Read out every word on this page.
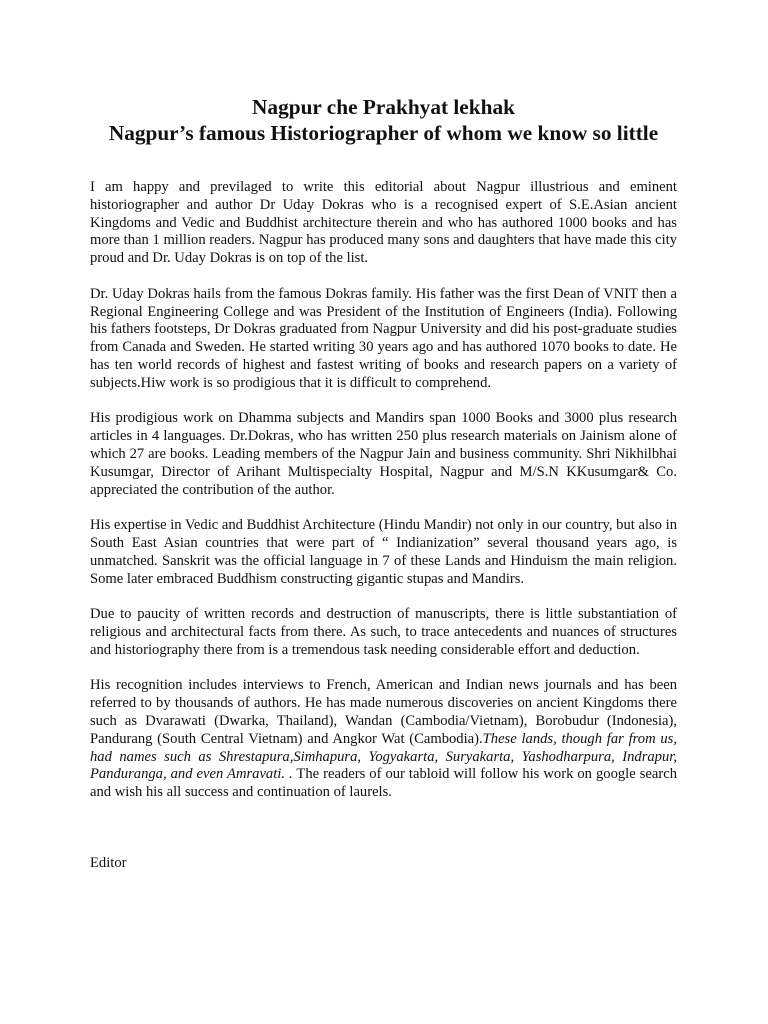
Nagpur che Prakhyat lekhak
Nagpur’s famous Historiographer of whom we know so little

I am happy and previlaged to write this editorial about Nagpur illustrious and eminent historiographer and author Dr Uday Dokras who is a recognised expert of S.E.Asian ancient Kingdoms and Vedic and Buddhist architecture therein and who has authored 1000 books and has more than 1 million readers. Nagpur has produced many sons and daughters that have made this city proud and Dr. Uday Dokras is on top of the list.

Dr. Uday Dokras hails from the famous Dokras family. His father was the first Dean of VNIT then a Regional Engineering College and was President of the Institution of Engineers (India). Following his fathers footsteps, Dr Dokras graduated from Nagpur University and did his post-graduate studies from Canada and Sweden. He started writing 30 years ago and has authored 1070 books to date. He has ten world records of highest and fastest writing of books and research papers on a variety of subjects.Hiw work is so prodigious that it is difficult to comprehend.

His prodigious work on Dhamma subjects and Mandirs span 1000 Books and 3000 plus research articles in 4 languages. Dr.Dokras, who has written 250 plus research materials on Jainism alone of which 27 are books. Leading members of the Nagpur Jain and business community. Shri Nikhilbhai Kusumgar, Director of Arihant Multispecialty Hospital, Nagpur and M/S.N KKusumgar& Co. appreciated the contribution of the author.

His expertise in Vedic and Buddhist Architecture (Hindu Mandir) not only in our country, but also in South East Asian countries that were part of “ Indianization” several thousand years ago, is unmatched. Sanskrit was the official language in 7 of these Lands and Hinduism the main religion. Some later embraced Buddhism constructing gigantic stupas and Mandirs.

Due to paucity of written records and destruction of manuscripts, there is little substantiation of religious and architectural facts from there. As such, to trace antecedents and nuances of structures and historiography there from is a tremendous task needing considerable effort and deduction.

His recognition includes interviews to French, American and Indian news journals and has been referred to by thousands of authors. He has made numerous discoveries on ancient Kingdoms there such as Dvarawati (Dwarka, Thailand), Wandan (Cambodia/Vietnam), Borobudur (Indonesia), Pandurang (South Central Vietnam) and Angkor Wat (Cambodia).These lands, though far from us, had names such as Shrestapura,Simhapura, Yogyakarta, Suryakarta, Yashodharpura, Indrapur, Panduranga, and even Amravati. . The readers of our tabloid will follow his work on google search and wish his all success and continuation of laurels.

Editor
